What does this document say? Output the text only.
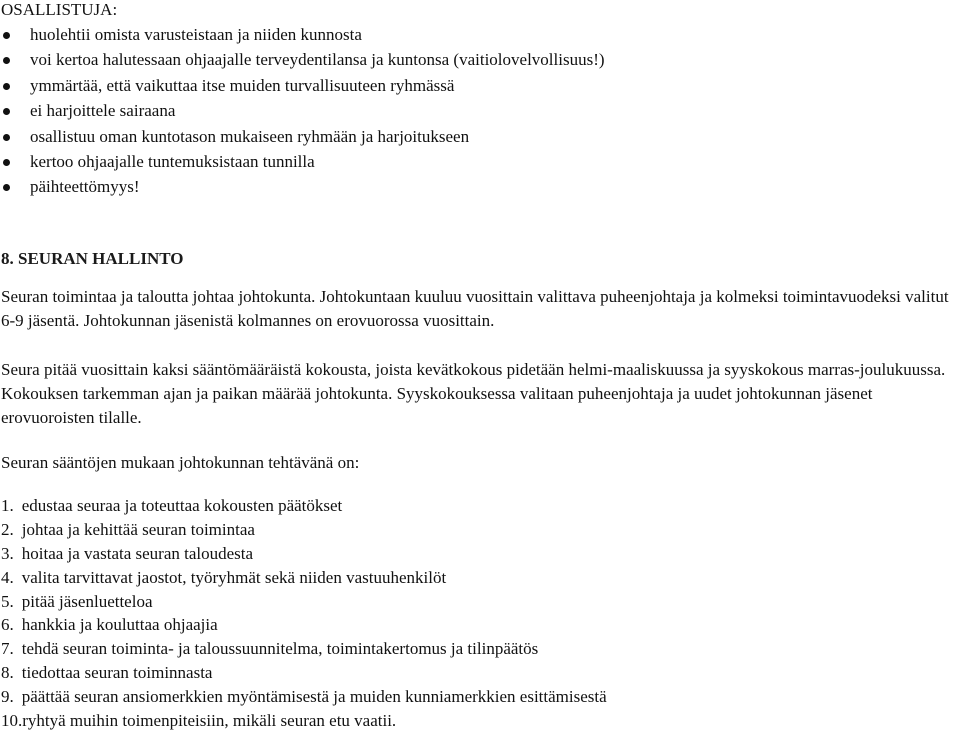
OSALLISTUJA:
huolehtii omista varusteistaan ja niiden kunnosta
voi kertoa halutessaan ohjaajalle terveydentilansa ja kuntonsa (vaitiolovelvollisuus!)
ymmärtää, että vaikuttaa itse muiden turvallisuuteen ryhmässä
ei harjoittele sairaana
osallistuu oman kuntotason mukaiseen ryhmään ja harjoitukseen
kertoo ohjaajalle tuntemuksistaan tunnilla
päihteettömyys!
8. SEURAN HALLINTO
Seuran toimintaa ja taloutta johtaa johtokunta. Johtokuntaan kuuluu vuosittain valittava puheenjohtaja ja kolmeksi toimintavuodeksi valitut 6-9 jäsentä. Johtokunnan jäsenistä kolmannes on erovuorossa vuosittain.
Seura pitää vuosittain kaksi sääntömääräistä kokousta, joista kevätkokous pidetään helmi-maaliskuussa ja syyskokous marras-joulukuussa. Kokouksen tarkemman ajan ja paikan määrää johtokunta. Syyskokouksessa valitaan puheenjohtaja ja uudet johtokunnan jäsenet erovuoroisten tilalle.
Seuran sääntöjen mukaan johtokunnan tehtävänä on:
1. edustaa seuraa ja toteuttaa kokousten päätökset
2. johtaa ja kehittää seuran toimintaa
3. hoitaa ja vastata seuran taloudesta
4. valita tarvittavat jaostot, työryhmät sekä niiden vastuuhenkilöt
5. pitää jäsenluetteloa
6. hankkia ja kouluttaa ohjaajia
7. tehdä seuran toiminta- ja taloussuunnitelma, toimintakertomus ja tilinpäätös
8. tiedottaa seuran toiminnasta
9. päättää seuran ansiomerkkien myöntämisestä ja muiden kunniamerkkien esittämisestä
10.ryhtyä muihin toimenpiteisiin, mikäli seuran etu vaatii.
